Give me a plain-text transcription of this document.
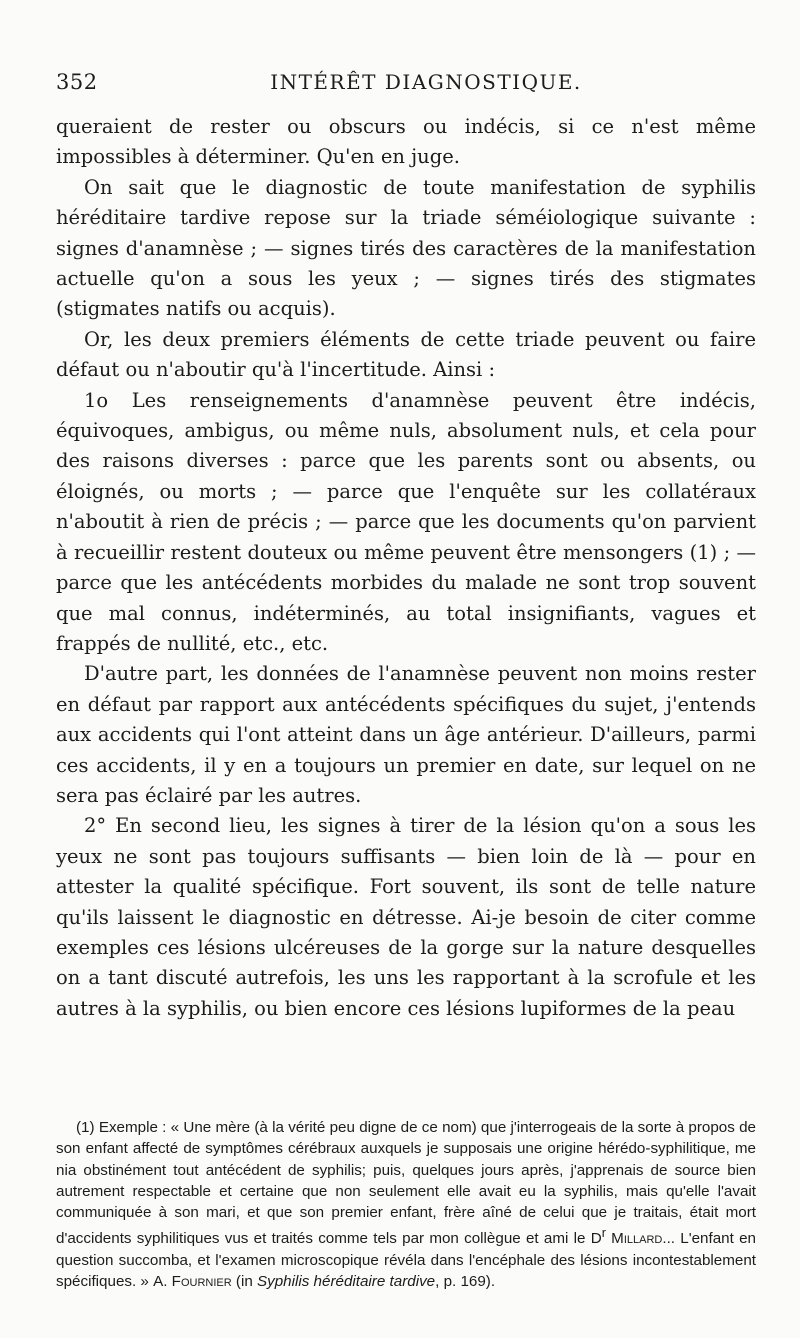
352	INTÉRÊT DIAGNOSTIQUE.

queraient de rester ou obscurs ou indécis, si ce n'est même impossibles à déterminer. Qu'en en juge.

On sait que le diagnostic de toute manifestation de syphilis héréditaire tardive repose sur la triade séméiologique suivante : signes d'anamnèse ; — signes tirés des caractères de la manifestation actuelle qu'on a sous les yeux ; — signes tirés des stigmates (stigmates natifs ou acquis).

Or, les deux premiers éléments de cette triade peuvent ou faire défaut ou n'aboutir qu'à l'incertitude. Ainsi :

1o Les renseignements d'anamnèse peuvent être indécis, équivoques, ambigus, ou même nuls, absolument nuls, et cela pour des raisons diverses : parce que les parents sont ou absents, ou éloignés, ou morts ; — parce que l'enquête sur les collatéraux n'aboutit à rien de précis ; — parce que les documents qu'on parvient à recueillir restent douteux ou même peuvent être mensongers (1) ; — parce que les antécédents morbides du malade ne sont trop souvent que mal connus, indéterminés, au total insignifiants, vagues et frappés de nullité, etc., etc.

D'autre part, les données de l'anamnèse peuvent non moins rester en défaut par rapport aux antécédents spécifiques du sujet, j'entends aux accidents qui l'ont atteint dans un âge antérieur. D'ailleurs, parmi ces accidents, il y en a toujours un premier en date, sur lequel on ne sera pas éclairé par les autres.

2° En second lieu, les signes à tirer de la lésion qu'on a sous les yeux ne sont pas toujours suffisants — bien loin de là — pour en attester la qualité spécifique. Fort souvent, ils sont de telle nature qu'ils laissent le diagnostic en détresse. Ai-je besoin de citer comme exemples ces lésions ulcéreuses de la gorge sur la nature desquelles on a tant discuté autrefois, les uns les rapportant à la scrofule et les autres à la syphilis, ou bien encore ces lésions lupiformes de la peau

(1) Exemple : « Une mère (à la vérité peu digne de ce nom) que j'interrogeais de la sorte à propos de son enfant affecté de symptômes cérébraux auxquels je supposais une origine hérédo-syphilitique, me nia obstinément tout antécédent de syphilis; puis, quelques jours après, j'apprenais de source bien autrement respectable et certaine que non seulement elle avait eu la syphilis, mais qu'elle l'avait communiquée à son mari, et que son premier enfant, frère aîné de celui que je traitais, était mort d'accidents syphilitiques vus et traités comme tels par mon collègue et ami le $D^r$ Millard... L'enfant en question succomba, et l'examen microscopique révéla dans l'encéphale des lésions incontestablement spécifiques. » A. Fournier (in Syphilis héréditaire tardive, p. 169).
